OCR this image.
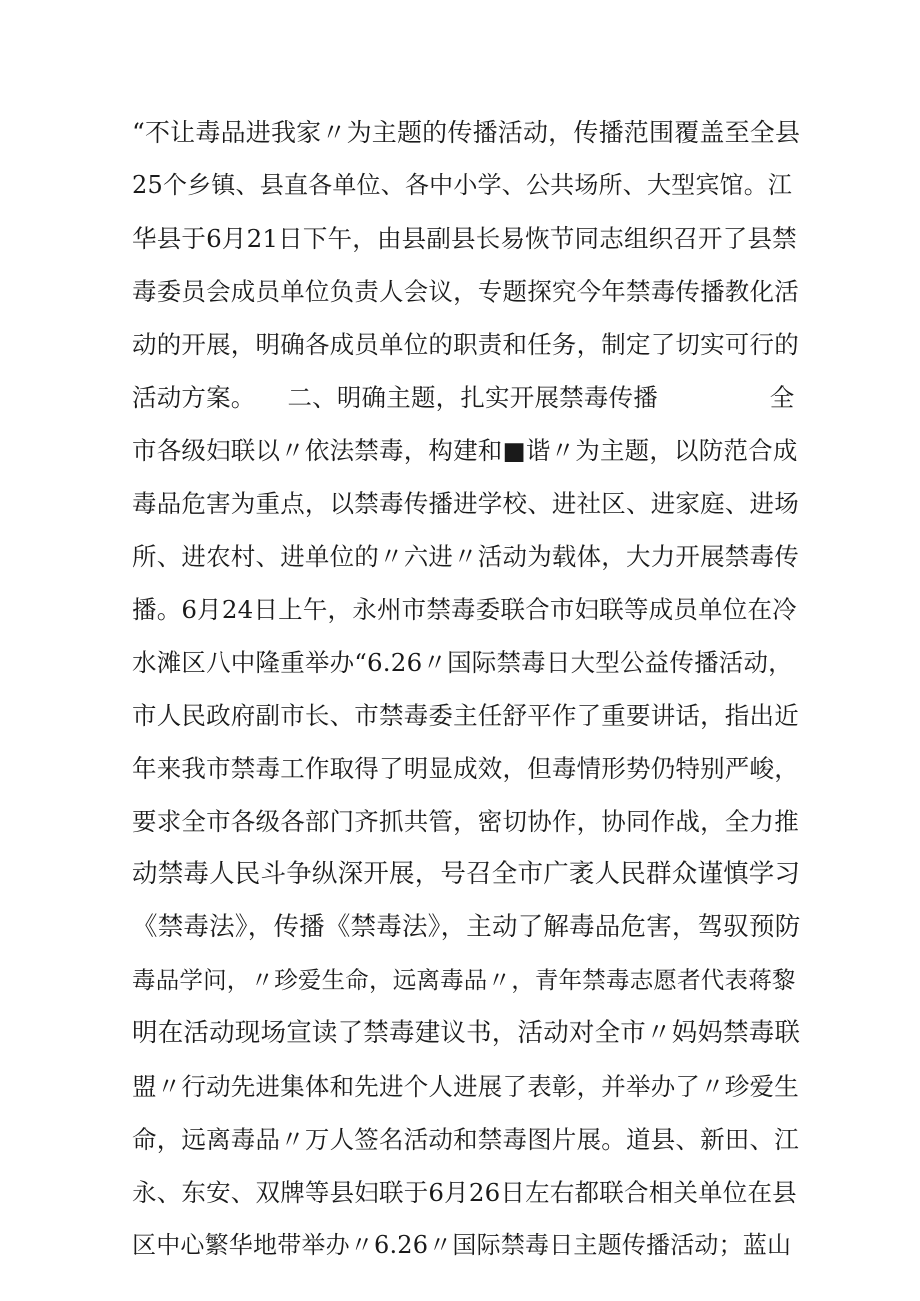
“不让毒品进我家〃为主题的传播活动，传播范围覆盖至全县
25个乡镇、县直各单位、各中小学、公共场所、大型宾馆。江
华县于6月21日下午，由县副县长易恢节同志组织召开了县禁
毒委员会成员单位负责人会议，专题探究今年禁毒传播教化活
动的开展，明确各成员单位的职责和任务，制定了切实可行的
活动方案。    二、明确主题，扎实开展禁毒传播              全
市各级妇联以〃依法禁毒，构建和■谐〃为主题，以防范合成
毒品危害为重点，以禁毒传播进学校、进社区、进家庭、进场
所、进农村、进单位的〃六进〃活动为载体，大力开展禁毒传
播。6月24日上午，永州市禁毒委联合市妇联等成员单位在冷
水滩区八中隆重举办“6.26〃国际禁毒日大型公益传播活动，
市人民政府副市长、市禁毒委主任舒平作了重要讲话，指出近
年来我市禁毒工作取得了明显成效，但毒情形势仍特别严峻，
要求全市各级各部门齐抓共管，密切协作，协同作战，全力推
动禁毒人民斗争纵深开展，号召全市广袤人民群众谨慎学习
《禁毒法》，传播《禁毒法》，主动了解毒品危害，驾驭预防
毒品学问，〃珍爱生命，远离毒品〃，青年禁毒志愿者代表蒋黎
明在活动现场宣读了禁毒建议书，活动对全市〃妈妈禁毒联
盟〃行动先进集体和先进个人进展了表彰，并举办了〃珍爱生
命，远离毒品〃万人签名活动和禁毒图片展。道县、新田、江
永、东安、双牌等县妇联于6月26日左右都联合相关单位在县
区中心繁华地带举办〃6.26〃国际禁毒日主题传播活动；蓝山
